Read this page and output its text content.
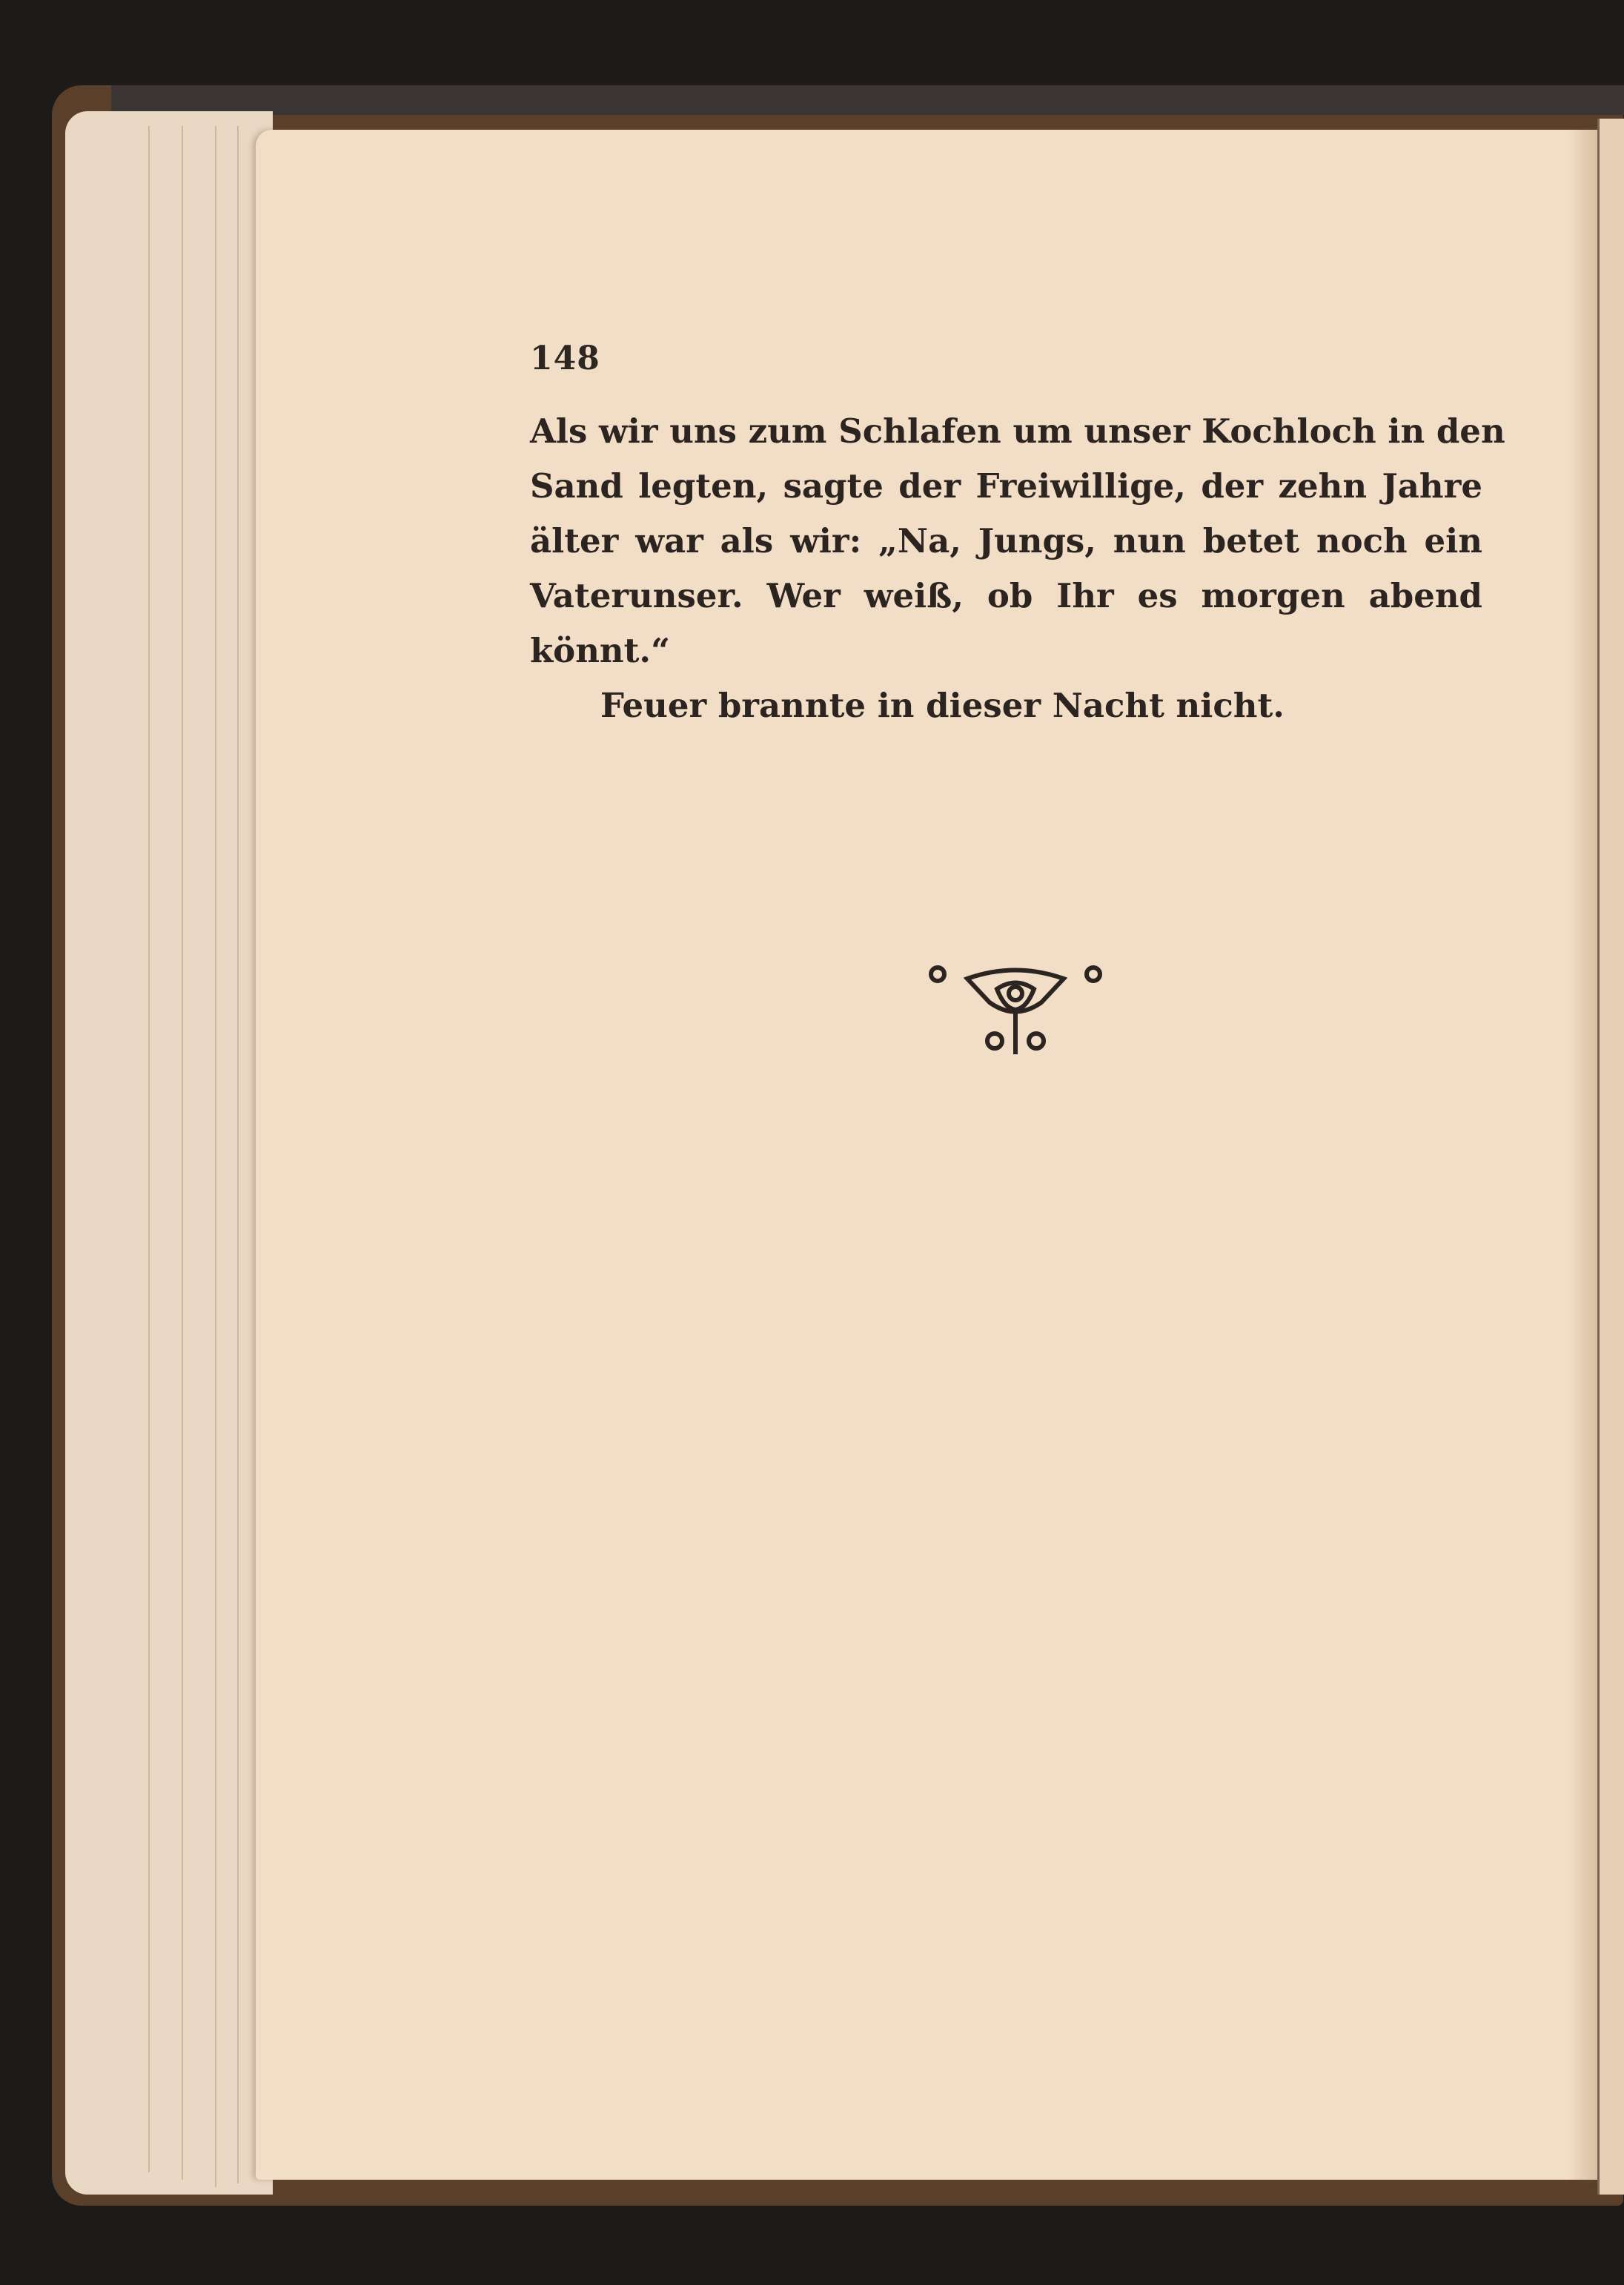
148
Als wir uns zum Schlafen um unser Kochloch in den
Sand legten, sagte der Freiwillige, der zehn Jahre
älter war als wir: „Na, Jungs, nun betet noch ein
Vaterunser. Wer weiß, ob Ihr es morgen abend
könnt.“
Feuer brannte in dieser Nacht nicht.
